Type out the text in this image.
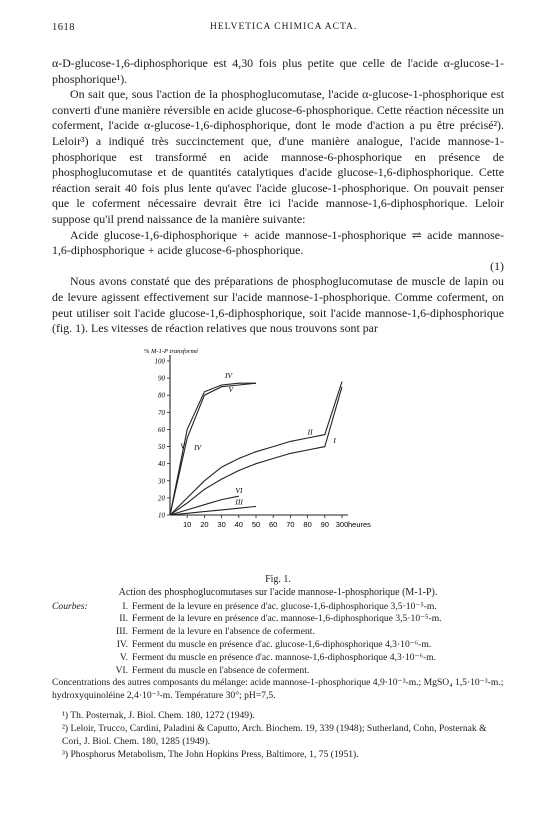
1618	HELVETICA CHIMICA ACTA.

α-D-glucose-1,6-diphosphorique est 4,30 fois plus petite que celle de l'acide α-glucose-1-phosphorique¹).

On sait que, sous l'action de la phosphoglucomutase, l'acide α-glucose-1-phosphorique est converti d'une manière réversible en acide glucose-6-phosphorique. Cette réaction nécessite un coferment, l'acide α-glucose-1,6-diphosphorique, dont le mode d'action a pu être précisé²). Leloir³) a indiqué très succinctement que, d'une manière analogue, l'acide mannose-1-phosphorique est transformé en acide mannose-6-phosphorique en présence de phosphoglucomutase et de quantités catalytiques d'acide glucose-1,6-diphosphorique. Cette réaction serait 40 fois plus lente qu'avec l'acide glucose-1-phosphorique. On pouvait penser que le coferment nécessaire devrait être ici l'acide mannose-1,6-diphosphorique. Leloir suppose qu'il prend naissance de la manière suivante:

Acide glucose-1,6-diphosphorique + acide mannose-1-phosphorique ⇌ acide mannose-1,6-diphosphorique + acide glucose-6-phosphorique.

(1)

Nous avons constaté que des préparations de phosphoglucomutase de muscle de lapin ou de levure agissent effectivement sur l'acide mannose-1-phosphorique. Comme coferment, on peut utiliser soit l'acide glucose-1,6-diphosphorique, soit l'acide mannose-1,6-diphosphorique (fig. 1). Les vitesses de réaction relatives que nous trouvons sont par

% M-1-P transformé
10
20
30
40
50
60
70
80
90
100
10 20 30 40 50 60 70 80 90 300 heures
IV
IV
V
V
II
I
VI
III
Fig. 1.
Action des phosphoglucomutases sur l'acide mannose-1-phosphorique (M-1-P).
Courbes:	I. Ferment de la levure en présence d'ac. glucose-1,6-diphosphorique 3,5·10⁻⁵-m.
II. Ferment de la levure en présence d'ac. mannose-1,6-diphosphorique 3,5·10⁻⁵-m.
III. Ferment de la levure en l'absence de coferment.
IV. Ferment du muscle en présence d'ac. glucose-1,6-diphosphorique 4,3·10⁻⁶-m.
V. Ferment du muscle en présence d'ac. mannose-1,6-diphosphorique 4,3·10⁻⁶-m.
VI. Ferment du muscle en l'absence de coferment.
Concentrations des autres composants du mélange: acide mannose-1-phosphorique 4,9·10⁻³-m.; MgSO₄ 1,5·10⁻³-m.; hydroxyquinoléine 2,4·10⁻³-m. Température 30°; pH=7,5.
¹) Th. Posternak, J. Biol. Chem. 180, 1272 (1949).
²) Leloir, Trucco, Cardini, Paladini & Caputto, Arch. Biochem. 19, 339 (1948); Sutherland, Cohn, Posternak & Cori, J. Biol. Chem. 180, 1285 (1949).
³) Phosphorus Metabolism, The John Hopkins Press, Baltimore, 1, 75 (1951).
